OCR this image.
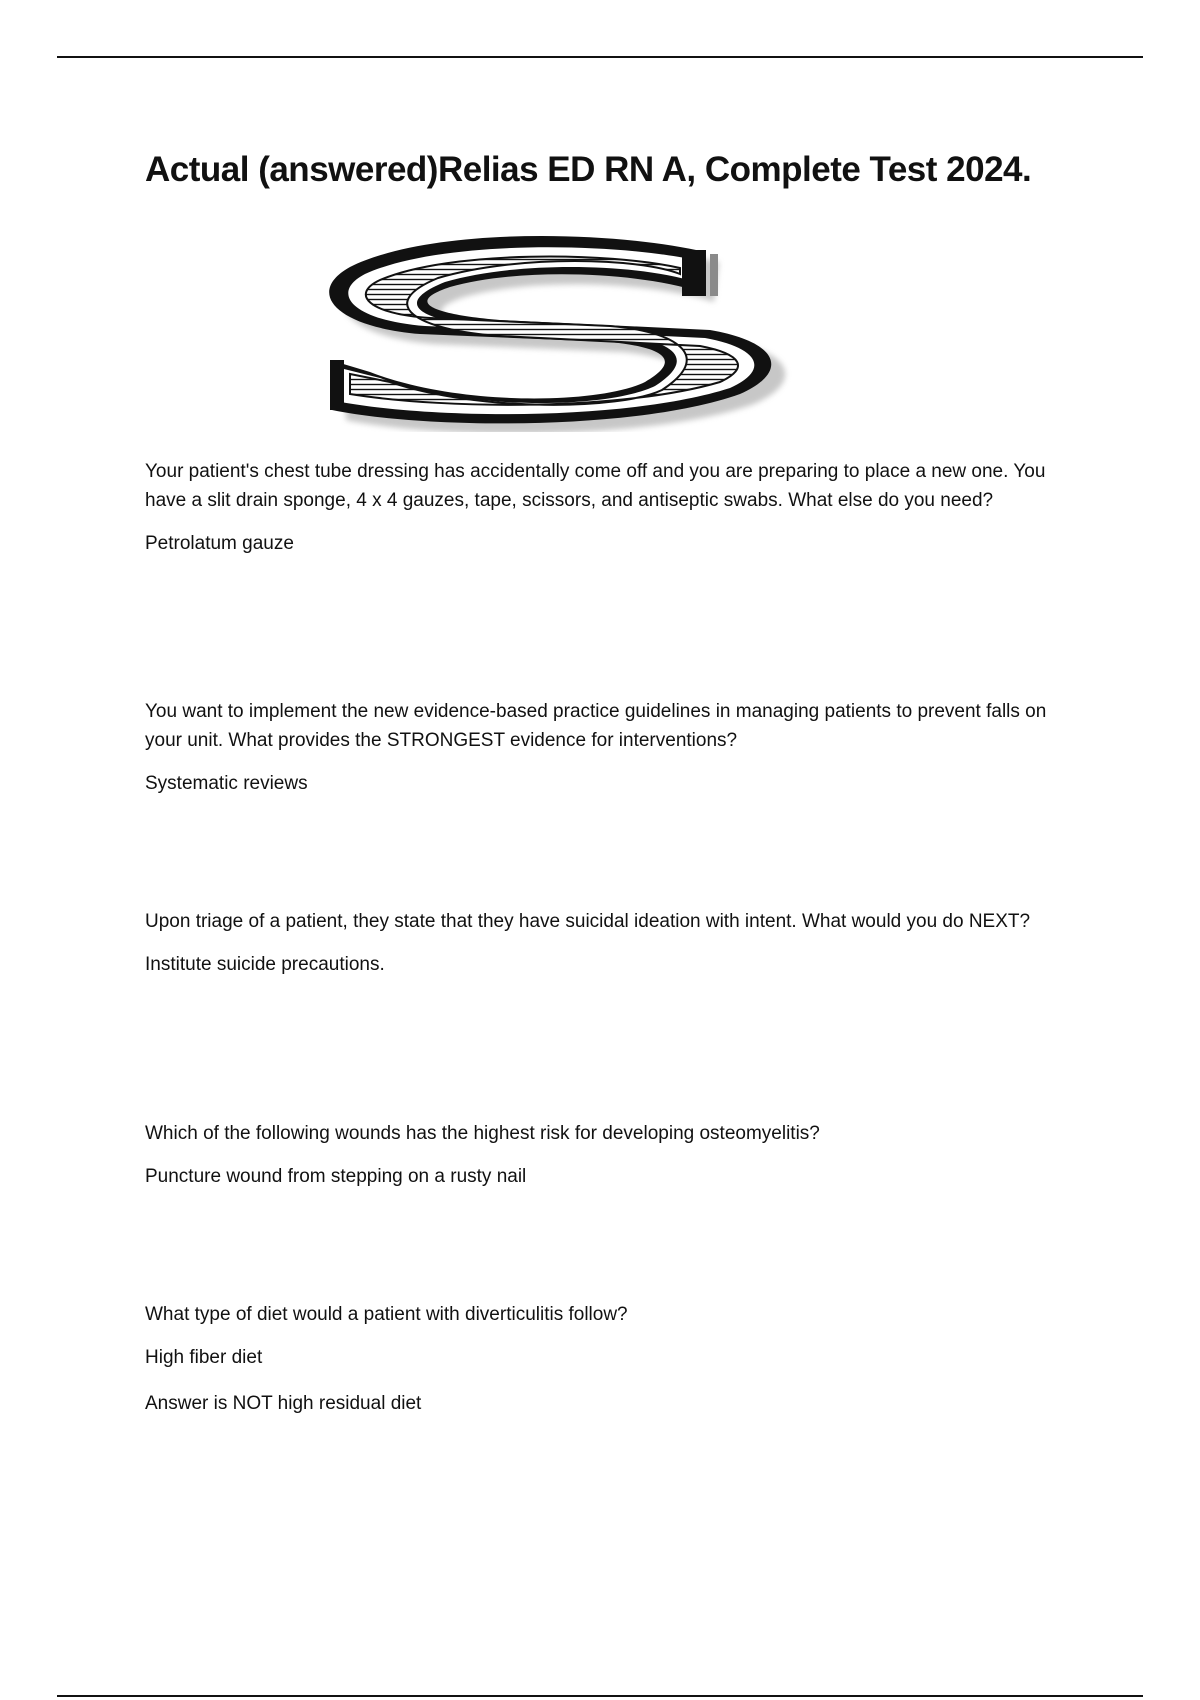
Actual (answered)Relias ED RN A, Complete Test 2024.

Your patient's chest tube dressing has accidentally come off and you are preparing to place a new one. You have a slit drain sponge, 4 x 4 gauzes, tape, scissors, and antiseptic swabs. What else do you need?

Petrolatum gauze

You want to implement the new evidence-based practice guidelines in managing patients to prevent falls on your unit. What provides the STRONGEST evidence for interventions?

Systematic reviews

Upon triage of a patient, they state that they have suicidal ideation with intent. What would you do NEXT?

Institute suicide precautions.

Which of the following wounds has the highest risk for developing osteomyelitis?

Puncture wound from stepping on a rusty nail

What type of diet would a patient with diverticulitis follow?

High fiber diet

Answer is NOT high residual diet
